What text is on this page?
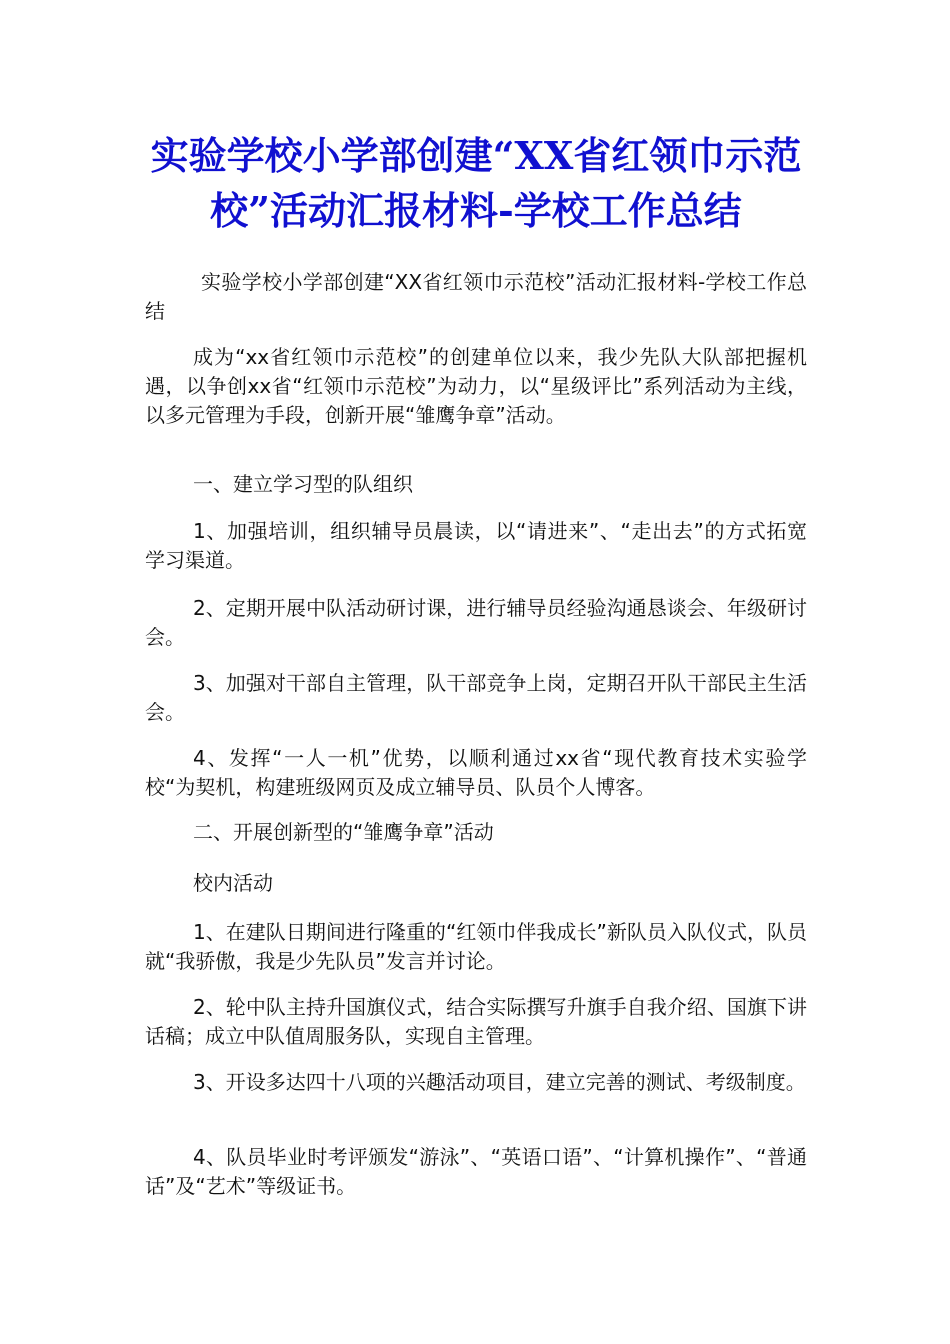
实验学校小学部创建“XX省红领巾示范校”活动汇报材料-学校工作总结

实验学校小学部创建“XX省红领巾示范校”活动汇报材料-学校工作总结

成为“xx省红领巾示范校”的创建单位以来，我少先队大队部把握机遇，以争创xx省“红领巾示范校”为动力，以“星级评比”系列活动为主线，以多元管理为手段，创新开展“雏鹰争章”活动。

一、建立学习型的队组织

1、加强培训，组织辅导员晨读，以“请进来”、“走出去”的方式拓宽学习渠道。

2、定期开展中队活动研讨课，进行辅导员经验沟通恳谈会、年级研讨会。

3、加强对干部自主管理，队干部竞争上岗，定期召开队干部民主生活会。

4、发挥“一人一机”优势，以顺利通过xx省“现代教育技术实验学校“为契机，构建班级网页及成立辅导员、队员个人博客。

二、开展创新型的“雏鹰争章”活动

校内活动

1、在建队日期间进行隆重的“红领巾伴我成长”新队员入队仪式，队员就“我骄傲，我是少先队员”发言并讨论。

2、轮中队主持升国旗仪式，结合实际撰写升旗手自我介绍、国旗下讲话稿；成立中队值周服务队，实现自主管理。

3、开设多达四十八项的兴趣活动项目，建立完善的测试、考级制度。

4、队员毕业时考评颁发“游泳”、“英语口语”、“计算机操作”、“普通话”及“艺术”等级证书。
